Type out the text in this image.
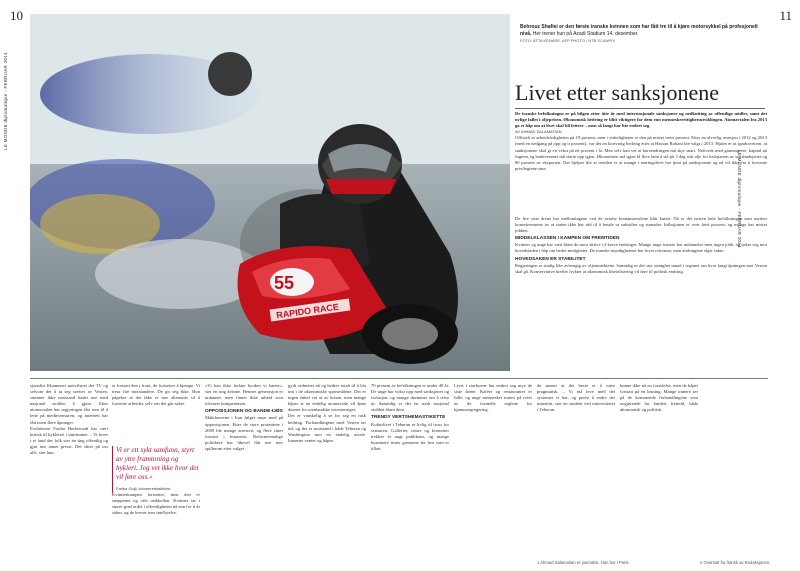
10	11
LE MONDE diplomatique - FEBRUAR 2014
LE MONDE diplomatique - FEBRUAR 2014
55
RAPIDO RACE
Behrouz Shafiei er den første iranske kvinnen som har fått tre til å kjøre motorsykkel på profesjonelt nivå. Her trener hun på Azadi Stadium 14. desember.
FOTO: ATTA KENARE, AFP PHOTO / NTB SCANPIX
Livet etter sanksjonene

De iranske befolkningen er på bilgen etter åtte år med internasjonale sanksjoner og nedkutting av offentlige midler, samt det nylige fallet i oljeprisen. Økonomisk bedring er blitt viktigere for dem enn menneskerettighetsutviklingen. Atomavtalen fra 2013 ga et håp om at livet skal bli lettere – men så langt har lite endret seg.

AV AHMAD SALAMATIAN

Offisielt er arbeidsledigheten på 19 prosent, men i virkeligheten er den på mistet tretti prosent. Etter en alvorlig resesjon i 2012 og 2013 (med en nedgang på opp og ti prosent), var det en kortvarig bedring etter at Hassan Rohani ble valgt i 2013. Hjulet er ut sparkoveiern, at sanksjonene skal gi en vekst på ett prosent i år. Men selv han vet at kursendringen må skje snart. Nettverk med garnangrere, kapital nå fugtens og bankvesenet må starte opp igjen. Økonomien må igjen få flere bein å stå på. I dag står olje for halvparten av statsbudsjettet og 80 prosent av eksporten. Det hjelper lite at trenden er at mange i næringslivet har tjent på sanksjonene og nå vil ikke fra å forvente privilegiene sine.

De fire siste årene har mellomlagene ved de avtalte kontantavtalene blitt kuttet. Nå er det nesten hele befolkningen som merker konsekvensene av at staten ikke har råd til å betale ut subsidier og stønader. Inflasjonen er over førti prosent, og mange har mistet jobben.

MIDDELKLASSEN I KAMPEN OM FREMTIDEN

Kvinner og unge har vært blant de mest aktive i å kreve endringer. Mange unge iranere har utdannelse men ingen jobb, og søker seg mot hovedstaden i håp om bedre muligheter. De iranske myndighetene har lovet reformer, men endringene skjer sakte.

HOVEDSAKEN ER STABILITET

Regjeringen er stadig like avhengig av oljeinntektene. Samtidig er det stor uenighet innad i regimet om hvor langt åpningen mot Vesten skal gå. Konservative krefter frykter at økonomisk liberalisering vil føre til politisk endring.

sjonalist Khamenei motvilsnet det TV og selvom det å ta seg uretter av Vesten, summer ikke motstand hadet noe med nasjonal stolthet å gjøre. Etter atomavtalen har regjeringen fått rom til å lette på mediesensuren, og internett har fått noen flere åpninger.

Forfatteren Fariba Hachtroudi har vært kritisk til hykleriet i samfunnet. – Vi lever i et land der folk sier én ting offentlig og gjør noe annet privat. Det sliter på oss alle, sier hun.

er fortsatt den i front, de fortsetter å kjempe. Vi treur fire motstandere. De gir seg ikke. Hun påpeker at det ikke er noe alternativ til å fortsette arbeidet, selv om det går sakte.

Vi er ett sykt samfunn, styrt av ytre framtoning og hykleri. Jeg vet ikke hvor det vil føre oss.»
Fariba Golji, kvinnerettsaktivist

Kvinneskampen fortsetter, men den er sneppenet og ofte usikkelbar. Kvinner tar i større grad ordet i offentligheten nå enn for ti år siden, og de krever mer innflytelse.

«Vi kan ikke forlate byrden vi bærer», sier en ung kvinne. Hennes generasjon er utdannet, men finner ikke arbeid som tilsvarer kompetansen.

OPPOSISJONEN OG BANDE-IJØS

Makthaverne i Iran følger nøye med på opposisjonen. Etter de store protestene i 2009 ble mange arrestert, og flere sitter fortsatt i husarrest. Reformvennlige politikere har likevel fått noe mer spillerom etter valget.

gydt ordnetiet nå og hedrer totalt til å bla inn i de økonomiske spørsmålene. Det er ingen enkel vei ut av krisen, men mange håper at en endelig atomavtale vil åpne dørene for utenlandske investeringer.

Det er vanskelig å se for seg en rask bedring. Forhandlingene med Vesten tar tid, og det er motstand i både Teheran og Washington mot en endelig avtale. Iranerne venter og håper.

70 prosent av befolkningen er under 40 år. De unge har vokst opp med sanksjoner og isolasjon, og mange drømmer om å reise ut. Samtidig er det en sterk nasjonal stolthet blant dem.

TRENDY VERTSHEMASTIKETTE

Kulturlivet i Teheran er livlig til tross for sensuren. Gallerier, teatre og konserter trekker et ungt publikum, og mange kunstnere tester grensene for hva som er tillatt.

Livet i storbyene har endret seg mye de siste årene. Kaféer og restauranter er fulle, og unge mennesker møtes på tvers av de formelle reglene for kjønnssegregering.

de mener at det beste er å være pragmatisk. – Vi må leve med det systemet vi har, og prøve å endre det innenfra, sier en student ved universitetet i Teheran.

kunne ikke nå en forståelse, men de håpet fortsatt på en løsning. Mange iranere ser på de kommende forhandlingene som avgjørende for landets fremtid, både økonomisk og politisk.

1 Ahmad Salamatian er journalist. Han bor i Paris.	2 Oversatt fra fransk av Redaksjonen.
